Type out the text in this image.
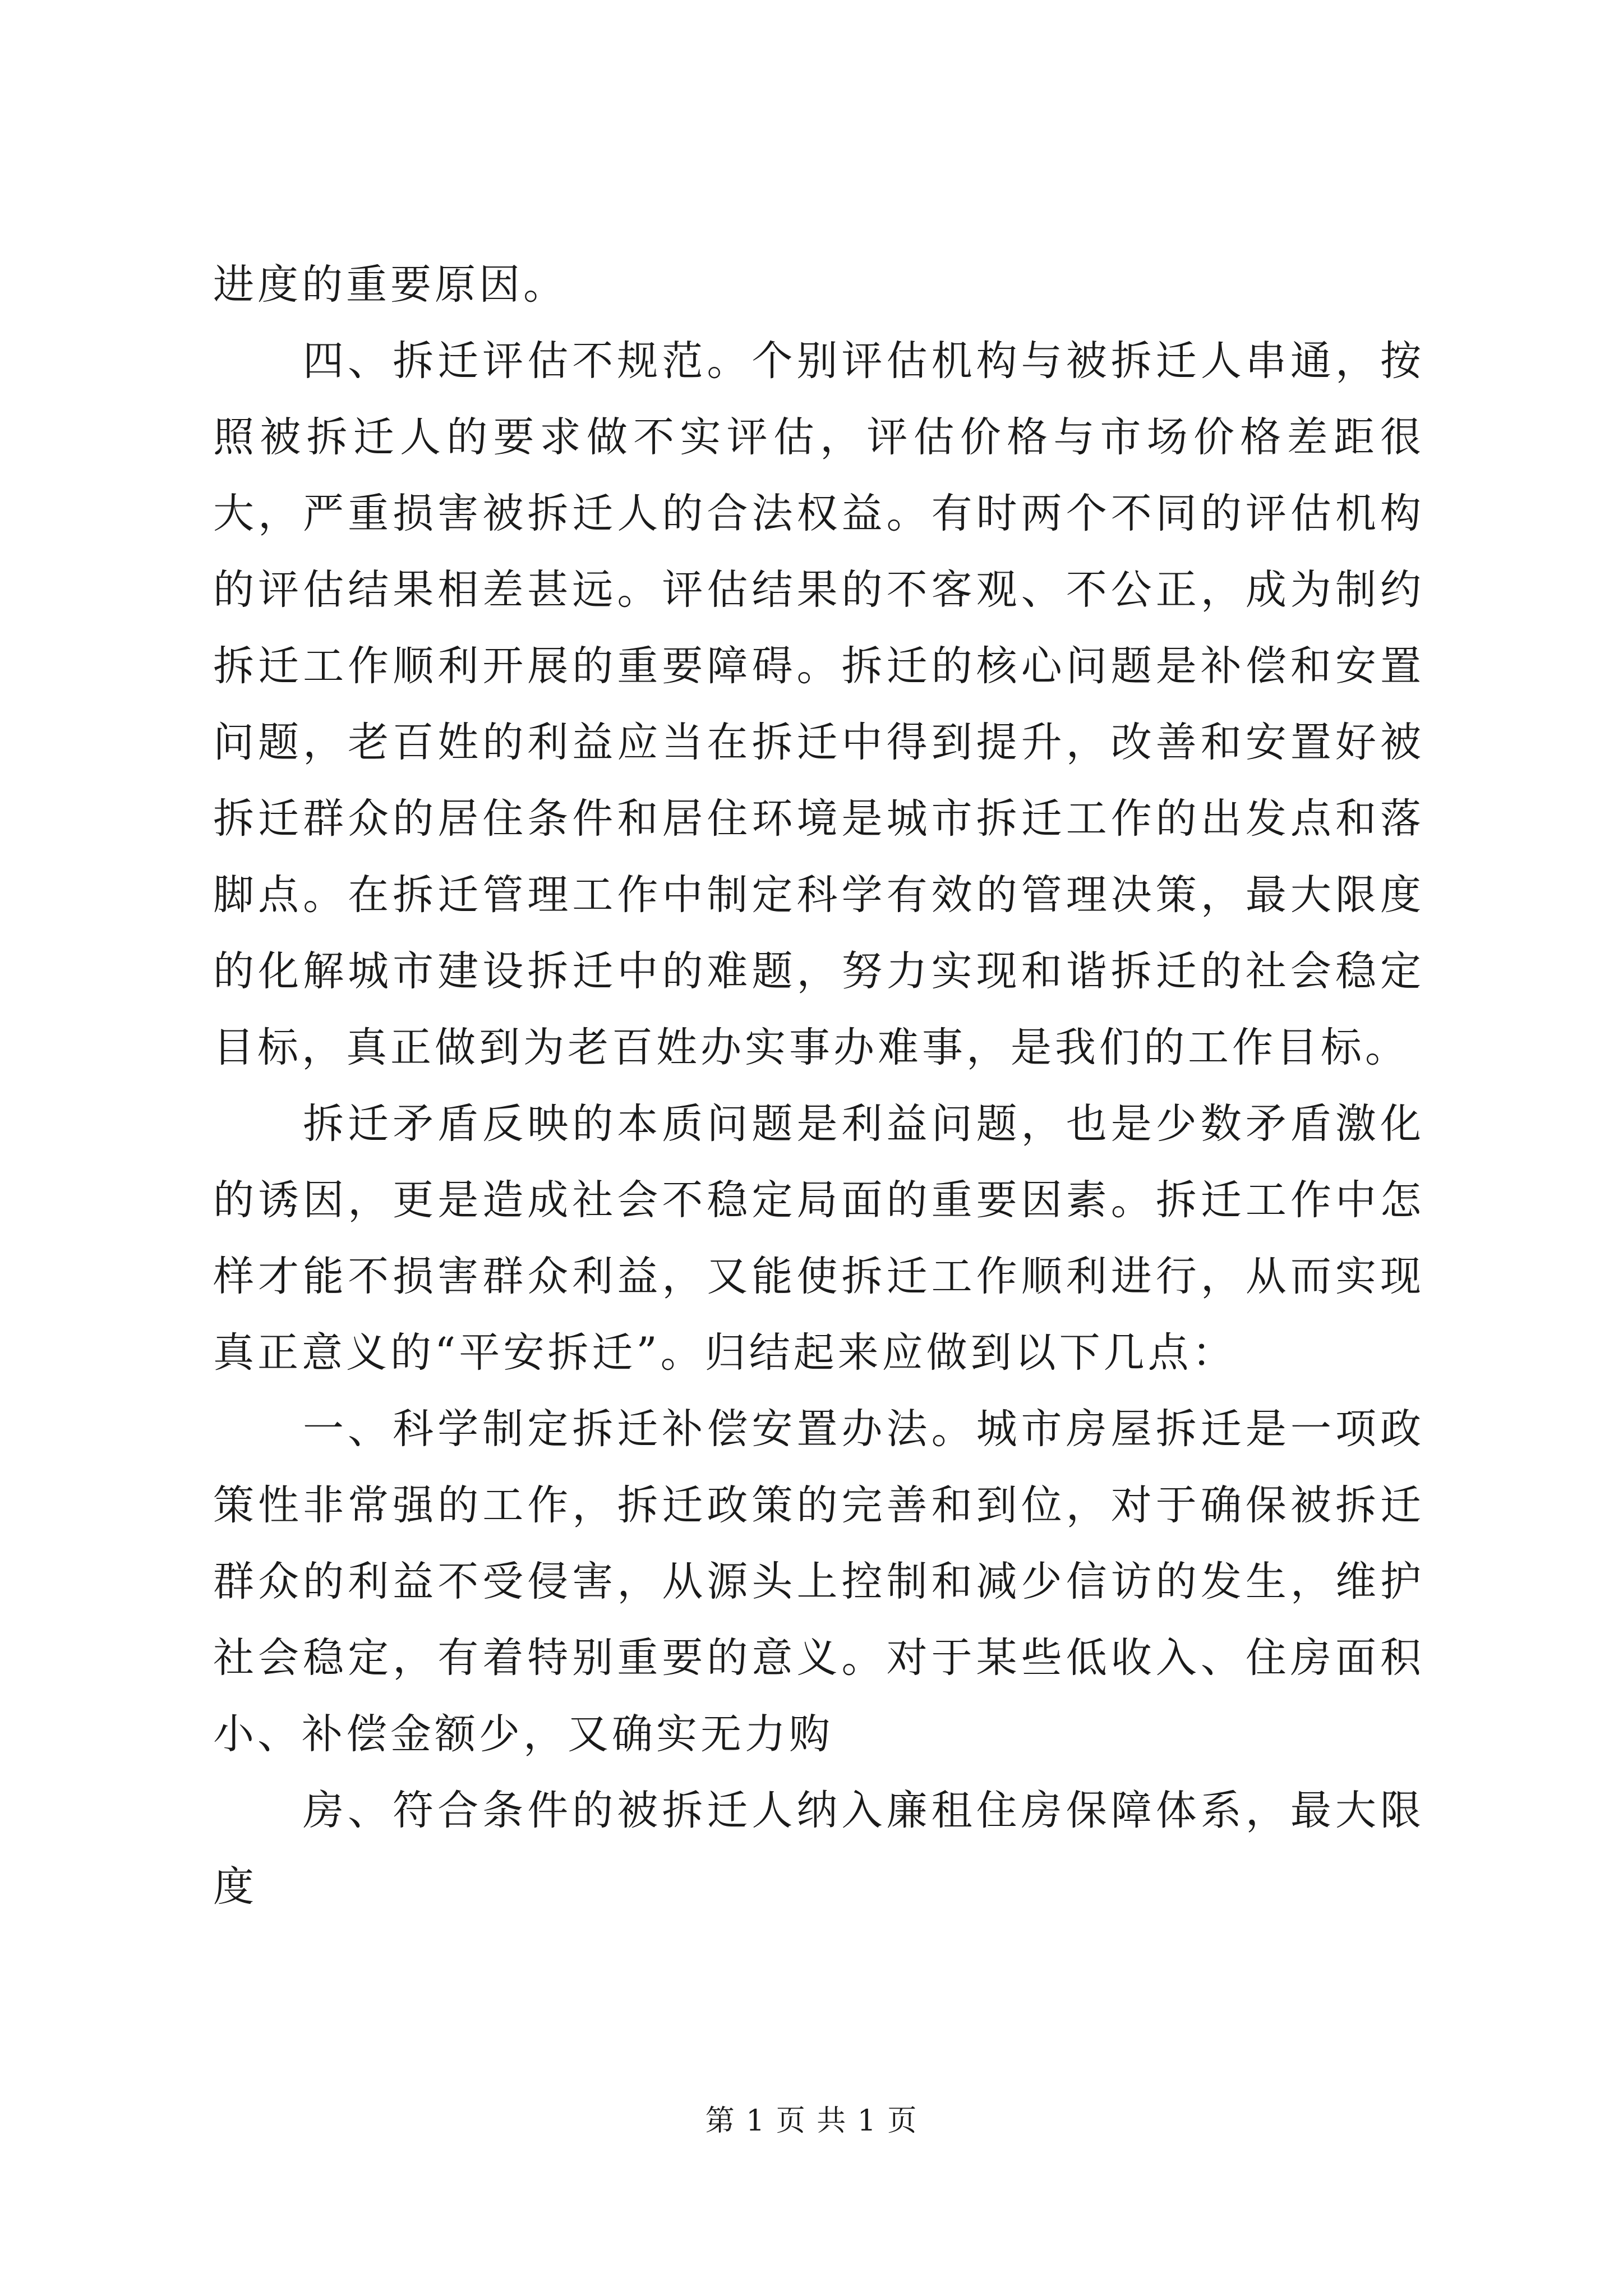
进度的重要原因。

四、拆迁评估不规范。个别评估机构与被拆迁人串通，按照被拆迁人的要求做不实评估，评估价格与市场价格差距很大，严重损害被拆迁人的合法权益。有时两个不同的评估机构的评估结果相差甚远。评估结果的不客观、不公正，成为制约拆迁工作顺利开展的重要障碍。拆迁的核心问题是补偿和安置问题，老百姓的利益应当在拆迁中得到提升，改善和安置好被拆迁群众的居住条件和居住环境是城市拆迁工作的出发点和落脚点。在拆迁管理工作中制定科学有效的管理决策，最大限度的化解城市建设拆迁中的难题，努力实现和谐拆迁的社会稳定目标，真正做到为老百姓办实事办难事，是我们的工作目标。

拆迁矛盾反映的本质问题是利益问题，也是少数矛盾激化的诱因，更是造成社会不稳定局面的重要因素。拆迁工作中怎样才能不损害群众利益，又能使拆迁工作顺利进行，从而实现真正意义的“平安拆迁”。归结起来应做到以下几点：

一、科学制定拆迁补偿安置办法。城市房屋拆迁是一项政策性非常强的工作，拆迁政策的完善和到位，对于确保被拆迁群众的利益不受侵害，从源头上控制和减少信访的发生，维护社会稳定，有着特别重要的意义。对于某些低收入、住房面积小、补偿金额少，又确实无力购

房、符合条件的被拆迁人纳入廉租住房保障体系，最大限度

第 1 页 共 1 页
